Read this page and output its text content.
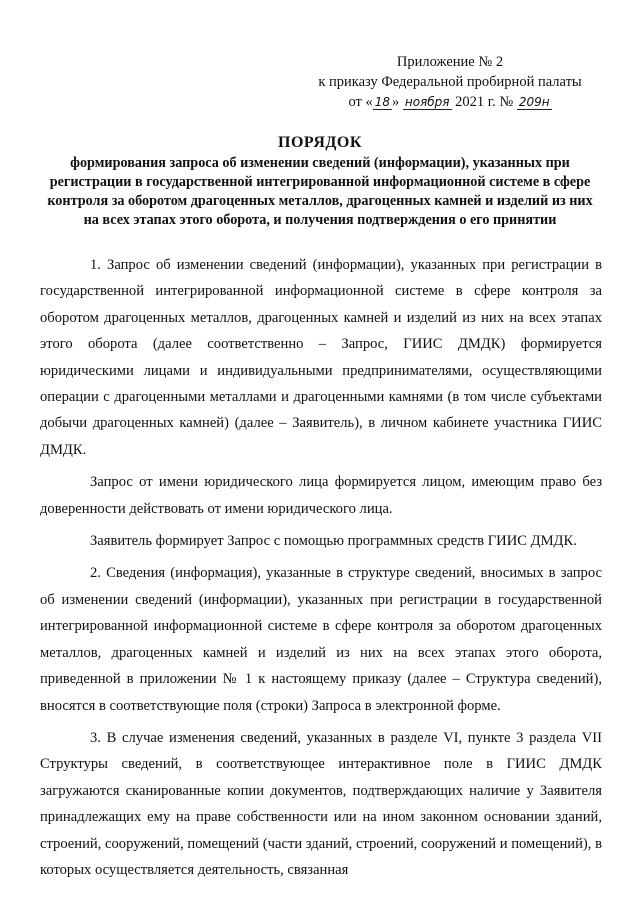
Приложение № 2
к приказу Федеральной пробирной палаты
от « 18 » ноября 2021 г. № 209н
ПОРЯДОК
формирования запроса об изменении сведений (информации), указанных при регистрации в государственной интегрированной информационной системе в сфере контроля за оборотом драгоценных металлов, драгоценных камней и изделий из них на всех этапах этого оборота, и получения подтверждения о его принятии

1. Запрос об изменении сведений (информации), указанных при регистрации в государственной интегрированной информационной системе в сфере контроля за оборотом драгоценных металлов, драгоценных камней и изделий из них на всех этапах этого оборота (далее соответственно – Запрос, ГИИС ДМДК) формируется юридическими лицами и индивидуальными предпринимателями, осуществляющими операции с драгоценными металлами и драгоценными камнями (в том числе субъектами добычи драгоценных камней) (далее – Заявитель), в личном кабинете участника ГИИС ДМДК.

Запрос от имени юридического лица формируется лицом, имеющим право без доверенности действовать от имени юридического лица.

Заявитель формирует Запрос с помощью программных средств ГИИС ДМДК.

2. Сведения (информация), указанные в структуре сведений, вносимых в запрос об изменении сведений (информации), указанных при регистрации в государственной интегрированной информационной системе в сфере контроля за оборотом драгоценных металлов, драгоценных камней и изделий из них на всех этапах этого оборота, приведенной в приложении № 1 к настоящему приказу (далее – Структура сведений), вносятся в соответствующие поля (строки) Запроса в электронной форме.

3. В случае изменения сведений, указанных в разделе VI, пункте 3 раздела VII Структуры сведений, в соответствующее интерактивное поле в ГИИС ДМДК загружаются сканированные копии документов, подтверждающих наличие у Заявителя принадлежащих ему на праве собственности или на ином законном основании зданий, строений, сооружений, помещений (части зданий, строений, сооружений и помещений), в которых осуществляется деятельность, связанная
